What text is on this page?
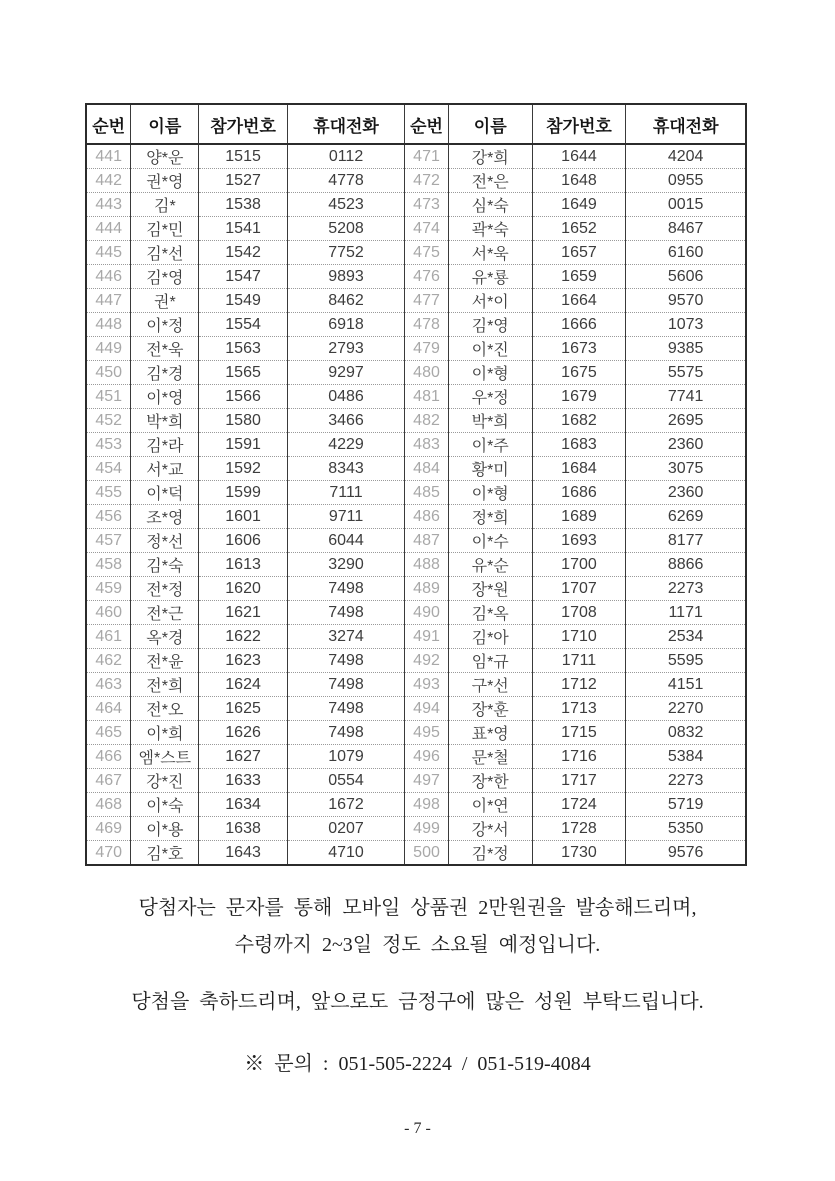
순번	이름	참가번호	휴대전화	순번	이름	참가번호	휴대전화
441	양*운	1515	0112	471	강*희	1644	4204
442	권*영	1527	4778	472	전*은	1648	0955
443	김*	1538	4523	473	심*숙	1649	0015
444	김*민	1541	5208	474	곽*숙	1652	8467
445	김*선	1542	7752	475	서*욱	1657	6160
446	김*영	1547	9893	476	유*룡	1659	5606
447	권*	1549	8462	477	서*이	1664	9570
448	이*정	1554	6918	478	김*영	1666	1073
449	전*욱	1563	2793	479	이*진	1673	9385
450	김*경	1565	9297	480	이*형	1675	5575
451	이*영	1566	0486	481	우*정	1679	7741
452	박*희	1580	3466	482	박*희	1682	2695
453	김*라	1591	4229	483	이*주	1683	2360
454	서*교	1592	8343	484	황*미	1684	3075
455	이*덕	1599	7111	485	이*형	1686	2360
456	조*영	1601	9711	486	정*희	1689	6269
457	정*선	1606	6044	487	이*수	1693	8177
458	김*숙	1613	3290	488	유*순	1700	8866
459	전*정	1620	7498	489	장*원	1707	2273
460	전*근	1621	7498	490	김*옥	1708	1171
461	옥*경	1622	3274	491	김*아	1710	2534
462	전*윤	1623	7498	492	임*규	1711	5595
463	전*희	1624	7498	493	구*선	1712	4151
464	전*오	1625	7498	494	장*훈	1713	2270
465	이*희	1626	7498	495	표*영	1715	0832
466	엠*스트	1627	1079	496	문*철	1716	5384
467	강*진	1633	0554	497	장*한	1717	2273
468	이*숙	1634	1672	498	이*연	1724	5719
469	이*용	1638	0207	499	강*서	1728	5350
470	김*호	1643	4710	500	김*정	1730	9576
당첨자는 문자를 통해 모바일 상품권 2만원권을 발송해드리며,
수령까지 2~3일 정도 소요될 예정입니다.
당첨을 축하드리며, 앞으로도 금정구에 많은 성원 부탁드립니다.
※ 문의 : 051-505-2224 / 051-519-4084
- 7 -
